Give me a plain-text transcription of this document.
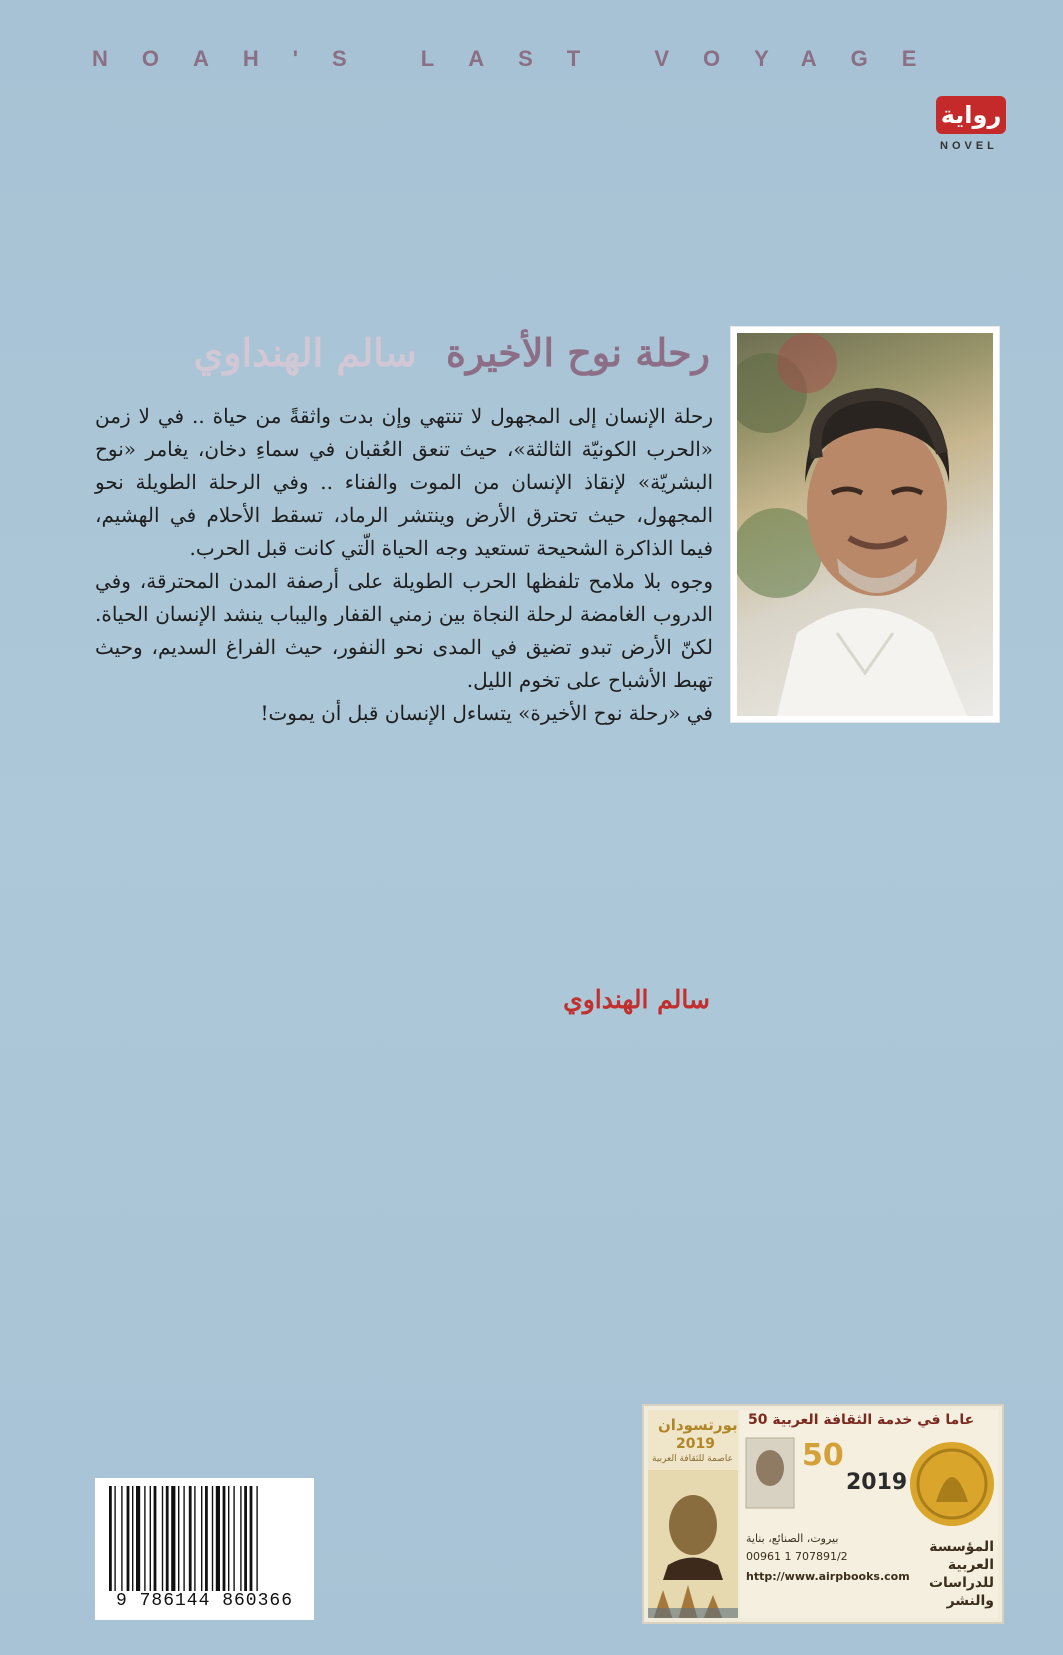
NOAH'S LAST VOYAGE
رواية
NOVEL
رحلة نوح الأخيرة سالم الهنداوي

رحلة الإنسان إلى المجهول لا تنتهي وإن بدت واثقةً من حياة .. في لا زمن «الحرب الكونيّة الثالثة»، حيث تنعق العُقبان في سماءِ دخان، يغامر «نوح البشريّة» لإنقاذ الإنسان من الموت والفناء .. وفي الرحلة الطويلة نحو المجهول، حيث تحترق الأرض وينتشر الرماد، تسقط الأحلام في الهشيم، فيما الذاكرة الشحيحة تستعيد وجه الحياة الّتي كانت قبل الحرب.

وجوه بلا ملامح تلفظها الحرب الطويلة على أرصفة المدن المحترقة، وفي الدروب الغامضة لرحلة النجاة بين زمني القفار واليباب ينشد الإنسان الحياة. لكنّ الأرض تبدو تضيق في المدى نحو النفور، حيث الفراغ السديم، وحيث تهبط الأشباح على تخوم الليل.

في «رحلة نوح الأخيرة» يتساءل الإنسان قبل أن يموت!

سالم الهنداوي
9 786144 860366
بورتسودان
2019
عاصمة للثقافة العربية
50 عاما في خدمة الثقافة العربية
50
2019
بيروت، الصنائع، بناية
00961 1 707891/2
http://www.airpbooks.com
المؤسسة العربية للدراسات والنشر
